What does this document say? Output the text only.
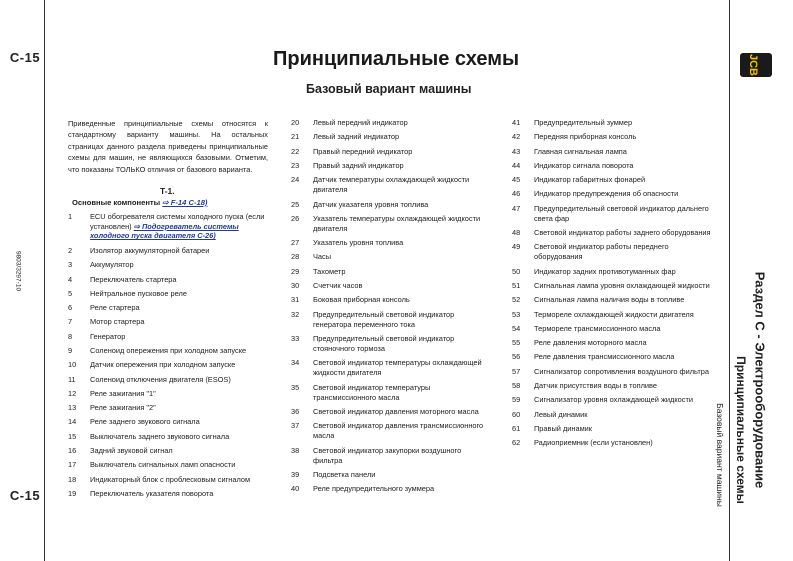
C-15
9803/3297-10
C-15
Принципиальные схемы
Базовый вариант машины
Приведенные принципиальные схемы относятся к стандартному варианту машины. На остальных страницах данного раздела приведены принципиальные схемы для машин, не являющихся базовыми. Отметим, что показаны ТОЛЬКО отличия от базового варианта.
T-1.
Основные компоненты ⇨ F-14 C-18)
1 ECU обогревателя системы холодного пуска (если установлен) ⇨ Подогреватель системы холодного пуска двигателя C-26)
2 Изолятор аккумуляторной батареи
3 Аккумулятор
4 Переключатель стартера
5 Нейтральное пусковое реле
6 Реле стартера
7 Мотор стартера
8 Генератор
9 Соленоид опережения при холодном запуске
10 Датчик опережения при холодном запуске
11 Соленоид отключения двигателя (ESOS)
12 Реле зажигания "1"
13 Реле зажигания "2"
14 Реле заднего звукового сигнала
15 Выключатель заднего звукового сигнала
16 Задний звуковой сигнал
17 Выключатель сигнальных ламп опасности
18 Индикаторный блок с проблесковым сигналом
19 Переключатель указателя поворота
20 Левый передний индикатор
21 Левый задний индикатор
22 Правый передний индикатор
23 Правый задний индикатор
24 Датчик температуры охлаждающей жидкости двигателя
25 Датчик указателя уровня топлива
26 Указатель температуры охлаждающей жидкости двигателя
27 Указатель уровня топлива
28 Часы
29 Тахометр
30 Счетчик часов
31 Боковая приборная консоль
32 Предупредительный световой индикатор генератора переменного тока
33 Предупредительный световой индикатор стояночного тормоза
34 Световой индикатор температуры охлаждающей жидкости двигателя
35 Световой индикатор температуры трансмиссионного масла
36 Световой индикатор давления моторного масла
37 Световой индикатор давления трансмиссионного масла
38 Световой индикатор закупорки воздушного фильтра
39 Подсветка панели
40 Реле предупредительного зуммера
41 Предупредительный зуммер
42 Передняя приборная консоль
43 Главная сигнальная лампа
44 Индикатор сигнала поворота
45 Индикатор габаритных фонарей
46 Индикатор предупреждения об опасности
47 Предупредительный световой индикатор дальнего света фар
48 Световой индикатор работы заднего оборудования
49 Световой индикатор работы переднего оборудования
50 Индикатор задних противотуманных фар
51 Сигнальная лампа уровня охлаждающей жидкости
52 Сигнальная лампа наличия воды в топливе
53 Термореле охлаждающей жидкости двигателя
54 Термореле трансмиссионного масла
55 Реле давления моторного масла
56 Реле давления трансмиссионного масла
57 Сигнализатор сопротивления воздушного фильтра
58 Датчик присутствия воды в топливе
59 Сигнализатор уровня охлаждающей жидкости
60 Левый динамик
61 Правый динамик
62 Радиоприемник (если установлен)
JCB
Раздел С - Электрооборудование
Принципиальные схемы
Базовый вариант машины
